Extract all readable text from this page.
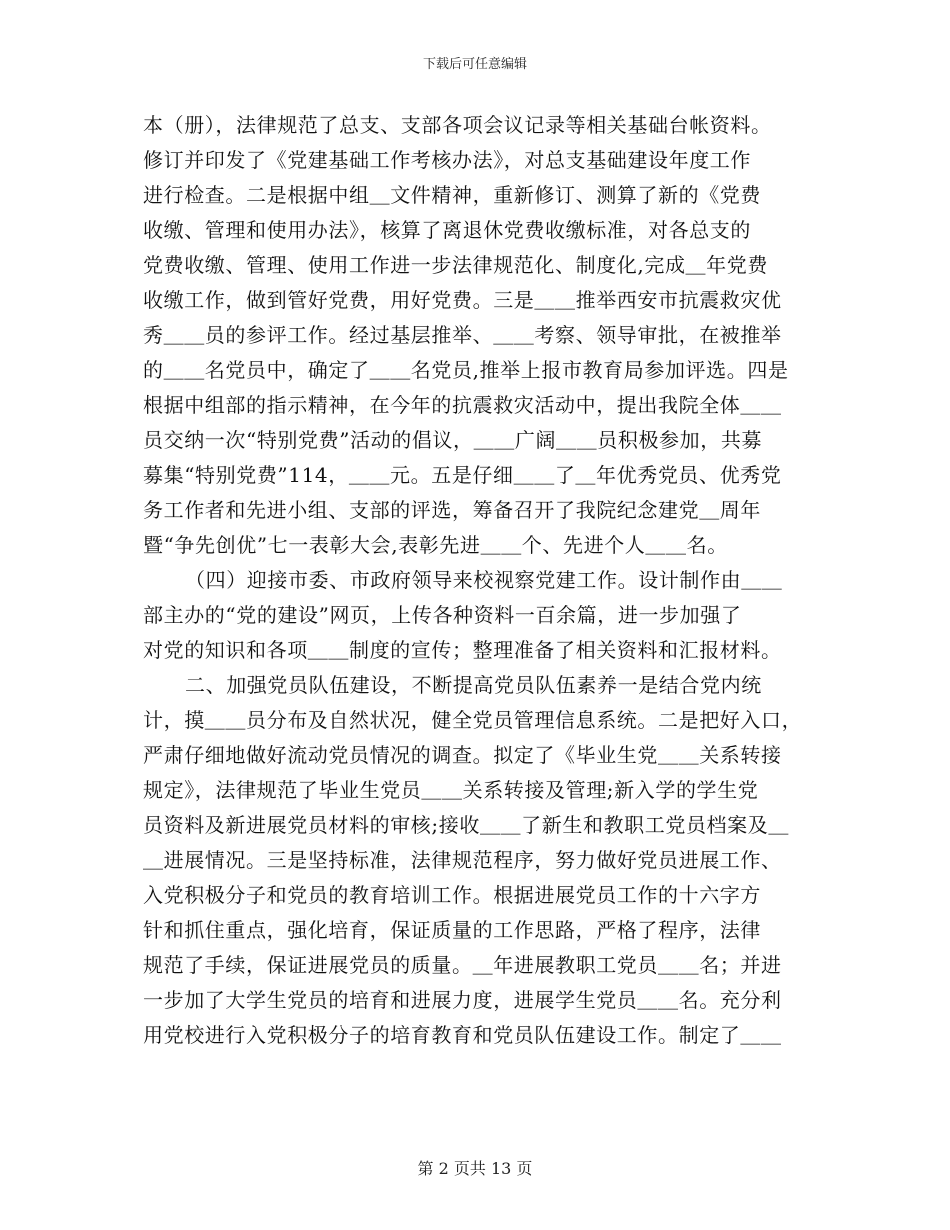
下载后可任意编辑
本（册），法律规范了总支、支部各项会议记录等相关基础台帐资料。
修订并印发了《党建基础工作考核办法》，对总支基础建设年度工作
进行检查。二是根据中组＿文件精神，重新修订、测算了新的《党费
收缴、管理和使用办法》，核算了离退休党费收缴标准，对各总支的
党费收缴、管理、使用工作进一步法律规范化、制度化,完成＿年党费
收缴工作，做到管好党费，用好党费。三是＿＿推举西安市抗震救灾优
秀＿＿员的参评工作。经过基层推举、＿＿考察、领导审批，在被推举
的＿＿名党员中，确定了＿＿名党员,推举上报市教育局参加评选。四是
根据中组部的指示精神，在今年的抗震救灾活动中，提出我院全体＿＿
员交纳一次“特别党费”活动的倡议，＿＿广阔＿＿员积极参加，共募
募集“特别党费”114，＿＿元。五是仔细＿＿了＿年优秀党员、优秀党
务工作者和先进小组、支部的评选，筹备召开了我院纪念建党＿周年
暨“争先创优”七一表彰大会,表彰先进＿＿个、先进个人＿＿名。
（四）迎接市委、市政府领导来校视察党建工作。设计制作由＿＿
部主办的“党的建设”网页，上传各种资料一百余篇，进一步加强了
对党的知识和各项＿＿制度的宣传；整理准备了相关资料和汇报材料。
二、加强党员队伍建设，不断提高党员队伍素养一是结合党内统
计，摸＿＿员分布及自然状况，健全党员管理信息系统。二是把好入口，
严肃仔细地做好流动党员情况的调查。拟定了《毕业生党＿＿关系转接
规定》，法律规范了毕业生党员＿＿关系转接及管理;新入学的学生党
员资料及新进展党员材料的审核;接收＿＿了新生和教职工党员档案及＿
＿进展情况。三是坚持标准，法律规范程序，努力做好党员进展工作、
入党积极分子和党员的教育培训工作。根据进展党员工作的十六字方
针和抓住重点，强化培育，保证质量的工作思路，严格了程序，法律
规范了手续，保证进展党员的质量。＿年进展教职工党员＿＿名；并进
一步加了大学生党员的培育和进展力度，进展学生党员＿＿名。充分利
用党校进行入党积极分子的培育教育和党员队伍建设工作。制定了＿＿
第 2 页共 13 页
